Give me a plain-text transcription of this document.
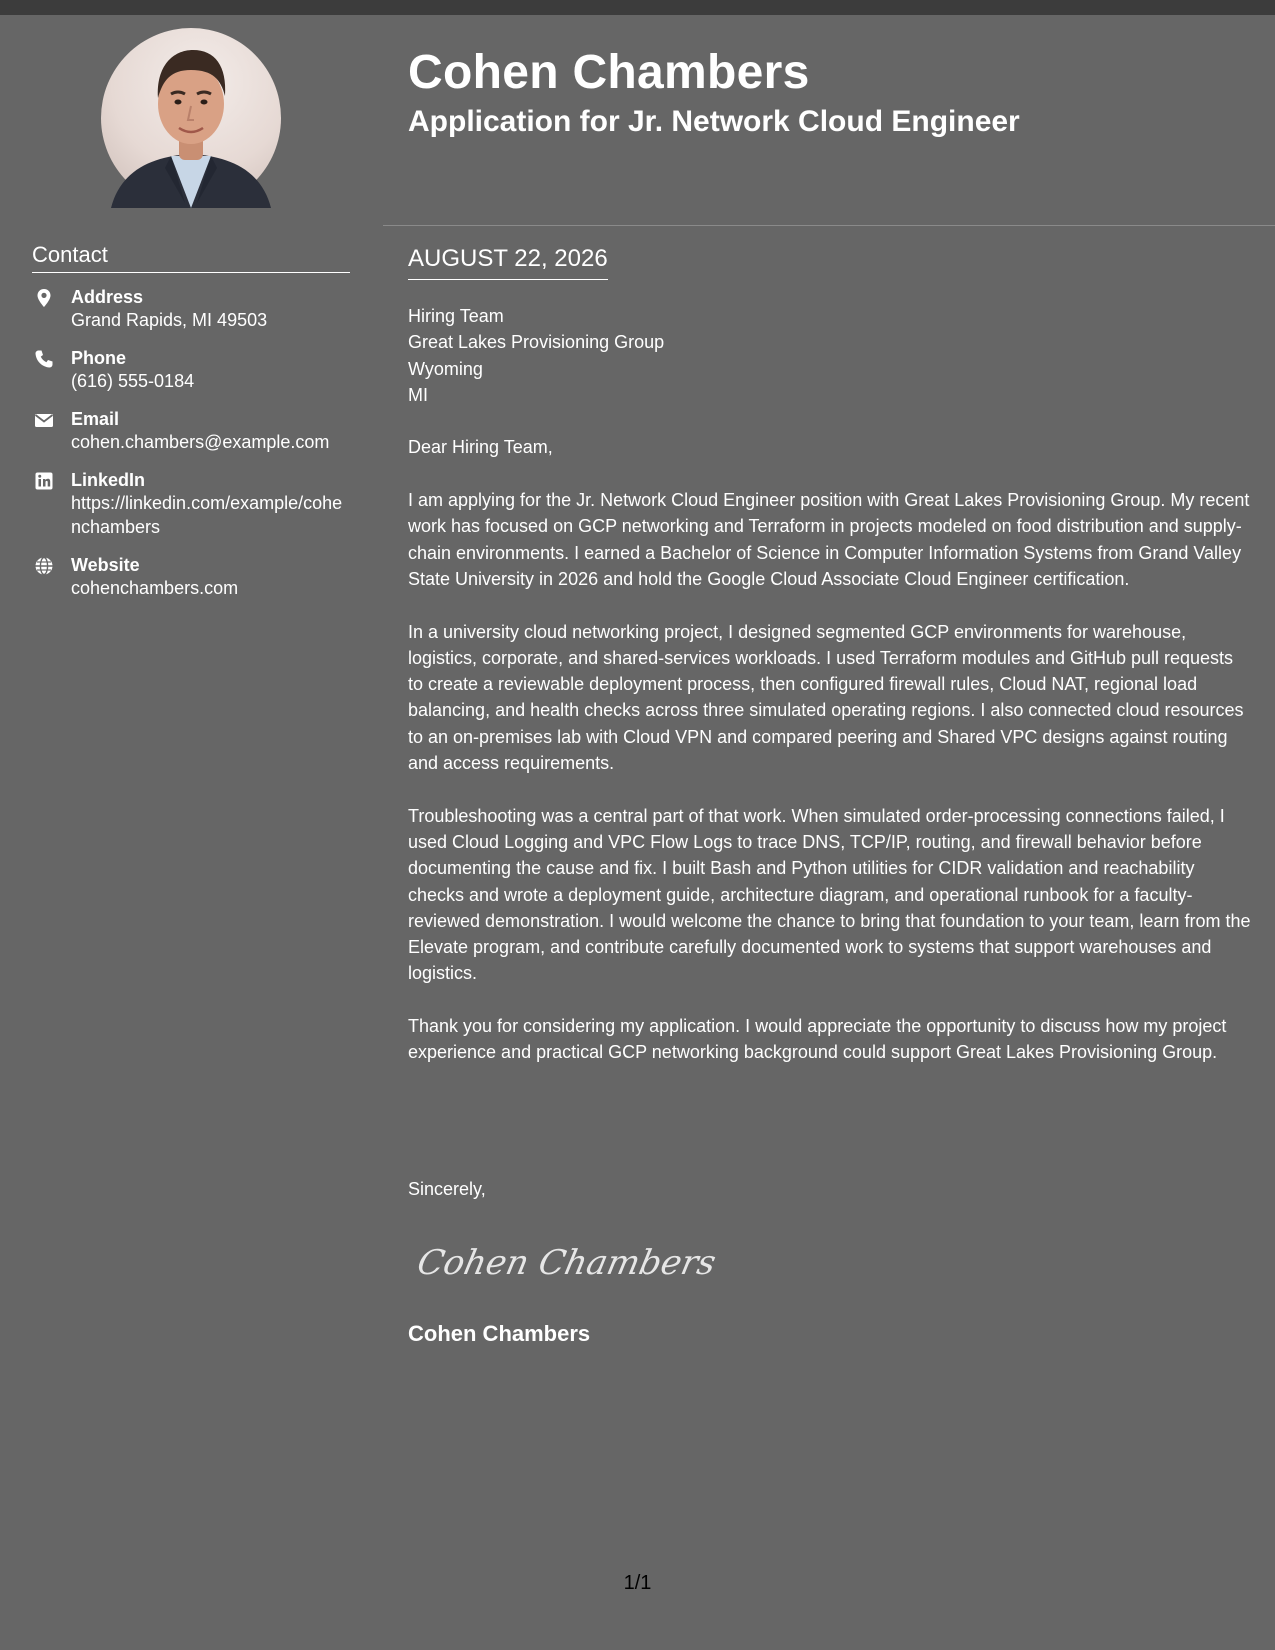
Contact
Address
Grand Rapids, MI 49503
Phone
(616) 555-0184
Email
cohen.chambers@example.com
LinkedIn
https://linkedin.com/example/cohenchambers
Website
cohenchambers.com
Cohen Chambers
Application for Jr. Network Cloud Engineer
AUGUST 22, 2026
Hiring Team
Great Lakes Provisioning Group
Wyoming
MI

Dear Hiring Team,

I am applying for the Jr. Network Cloud Engineer position with Great Lakes Provisioning Group. My recent work has focused on GCP networking and Terraform in projects modeled on food distribution and supply-chain environments. I earned a Bachelor of Science in Computer Information Systems from Grand Valley State University in 2026 and hold the Google Cloud Associate Cloud Engineer certification.

In a university cloud networking project, I designed segmented GCP environments for warehouse, logistics, corporate, and shared-services workloads. I used Terraform modules and GitHub pull requests to create a reviewable deployment process, then configured firewall rules, Cloud NAT, regional load balancing, and health checks across three simulated operating regions. I also connected cloud resources to an on-premises lab with Cloud VPN and compared peering and Shared VPC designs against routing and access requirements.

Troubleshooting was a central part of that work. When simulated order-processing connections failed, I used Cloud Logging and VPC Flow Logs to trace DNS, TCP/IP, routing, and firewall behavior before documenting the cause and fix. I built Bash and Python utilities for CIDR validation and reachability checks and wrote a deployment guide, architecture diagram, and operational runbook for a faculty-reviewed demonstration. I would welcome the chance to bring that foundation to your team, learn from the Elevate program, and contribute carefully documented work to systems that support warehouses and logistics.

Thank you for considering my application. I would appreciate the opportunity to discuss how my project experience and practical GCP networking background could support Great Lakes Provisioning Group.

Sincerely,
Cohen Chambers
Cohen Chambers
1/1
